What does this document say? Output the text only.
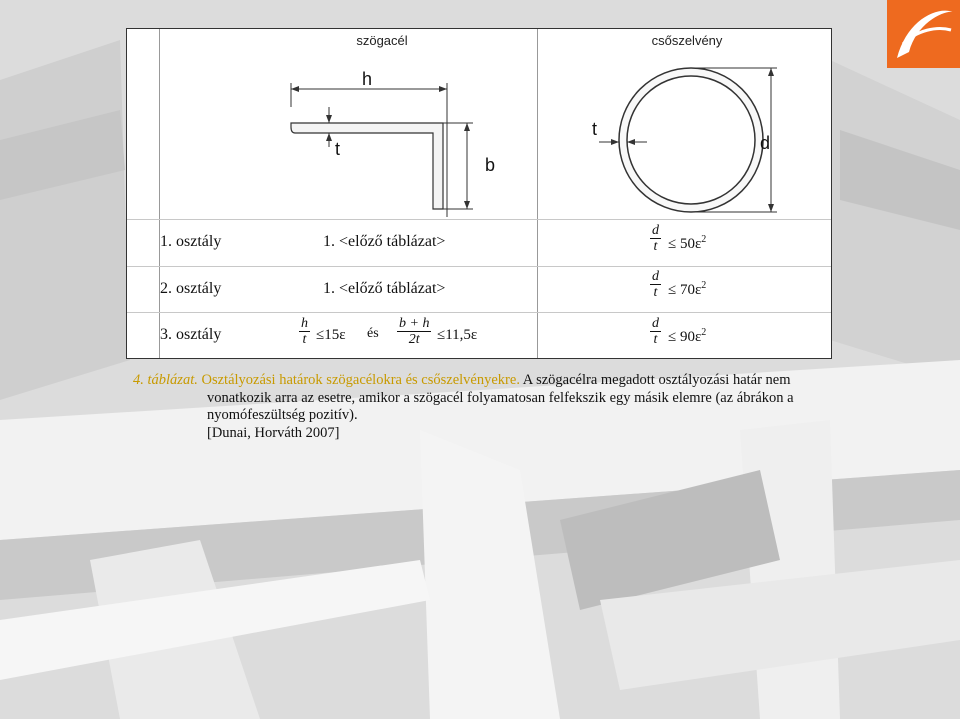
szögacél	csőszelvény
h
t
b
t
d
1. osztály	1. <előző táblázat>	$\frac{d}{t} \le 50\varepsilon^2$
2. osztály	1. <előző táblázat>	$\frac{d}{t} \le 70\varepsilon^2$
3. osztály	$\frac{h}{t} \le 15\varepsilon$ és $\frac{b + h}{2t} \le 11,5\varepsilon$	$\frac{d}{t} \le 90\varepsilon^2$

4. táblázat. Osztályozási határok szögacélokra és csőszelvényekre. A szögacélra megadott osztályozási határ nem

vonatkozik arra az esetre, amikor a szögacél folyamatosan felfekszik egy másik elemre (az ábrákon a

nyomófeszültség pozitív).

[Dunai, Horváth 2007]
